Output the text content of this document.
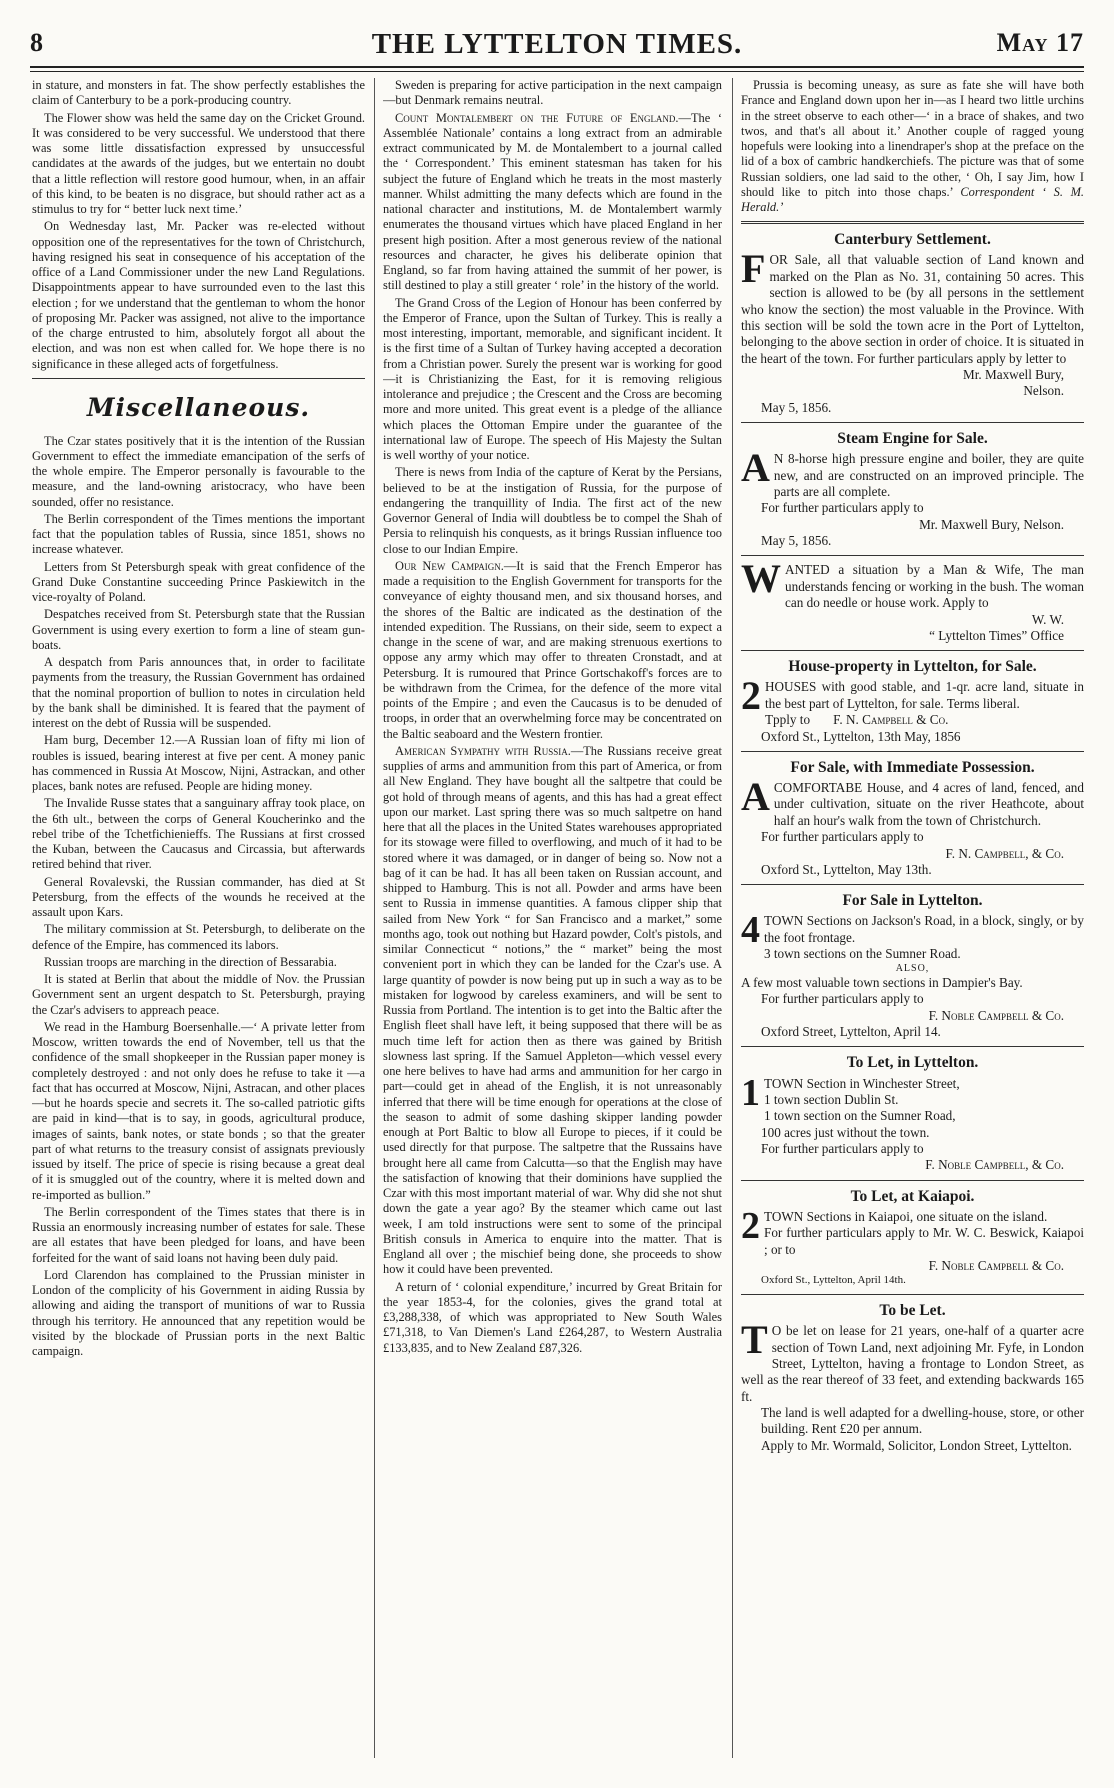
8	THE LYTTELTON TIMES.	May 17

in stature, and monsters in fat. The show perfectly establishes the claim of Canterbury to be a pork-producing country.

The Flower show was held the same day on the Cricket Ground. It was considered to be very successful. We understood that there was some little dissatisfaction expressed by unsuccessful candidates at the awards of the judges, but we entertain no doubt that a little reflection will restore good humour, when, in an affair of this kind, to be beaten is no disgrace, but should rather act as a stimulus to try for “ better luck next time.’

On Wednesday last, Mr. Packer was re-elected without opposition one of the representatives for the town of Christchurch, having resigned his seat in consequence of his acceptation of the office of a Land Commissioner under the new Land Regulations. Disappointments appear to have surrounded even to the last this election ; for we understand that the gentleman to whom the honor of proposing Mr. Packer was assigned, not alive to the importance of the charge entrusted to him, absolutely forgot all about the election, and was non est when called for. We hope there is no significance in these alleged acts of forgetfulness.

Miscellaneous.

The Czar states positively that it is the intention of the Russian Government to effect the immediate emancipation of the serfs of the whole empire. The Emperor personally is favourable to the measure, and the land-owning aristocracy, who have been sounded, offer no resistance.

The Berlin correspondent of the Times mentions the important fact that the population tables of Russia, since 1851, shows no increase whatever.

Letters from St Petersburgh speak with great confidence of the Grand Duke Constantine succeeding Prince Paskiewitch in the vice-royalty of Poland.

Despatches received from St. Petersburgh state that the Russian Government is using every exertion to form a line of steam gun-boats.

A despatch from Paris announces that, in order to facilitate payments from the treasury, the Russian Government has ordained that the nominal proportion of bullion to notes in circulation held by the bank shall be diminished. It is feared that the payment of interest on the debt of Russia will be suspended.

Ham burg, December 12.—A Russian loan of fifty mi lion of roubles is issued, bearing interest at five per cent. A money panic has commenced in Russia At Moscow, Nijni, Astrackan, and other places, bank notes are refused. People are hiding money.

The Invalide Russe states that a sanguinary affray took place, on the 6th ult., between the corps of General Koucherinko and the rebel tribe of the Tchetfichienieffs. The Russians at first crossed the Kuban, between the Caucasus and Circassia, but afterwards retired behind that river.

General Rovalevski, the Russian commander, has died at St Petersburg, from the effects of the wounds he received at the assault upon Kars.

The military commission at St. Petersburgh, to deliberate on the defence of the Empire, has commenced its labors.

Russian troops are marching in the direction of Bessarabia.

It is stated at Berlin that about the middle of Nov. the Prussian Government sent an urgent despatch to St. Petersburgh, praying the Czar's advisers to appreach peace.

We read in the Hamburg Boersenhalle.—‘ A private letter from Moscow, written towards the end of November, tell us that the confidence of the small shopkeeper in the Russian paper money is completely destroyed : and not only does he refuse to take it —a fact that has occurred at Moscow, Nijni, Astracan, and other places—but he hoards specie and secrets it. The so-called patriotic gifts are paid in kind—that is to say, in goods, agricultural produce, images of saints, bank notes, or state bonds ; so that the greater part of what returns to the treasury consist of assignats previously issued by itself. The price of specie is rising because a great deal of it is smuggled out of the country, where it is melted down and re-imported as bullion.”

The Berlin correspondent of the Times states that there is in Russia an enormously increasing number of estates for sale. These are all estates that have been pledged for loans, and have been forfeited for the want of said loans not having been duly paid.

Lord Clarendon has complained to the Prussian minister in London of the complicity of his Government in aiding Russia by allowing and aiding the transport of munitions of war to Russia through his territory. He announced that any repetition would be visited by the blockade of Prussian ports in the next Baltic campaign.

Sweden is preparing for active participation in the next campaign—but Denmark remains neutral.

Count Montalembert on the Future of England.—The ‘ Assemblée Nationale’ contains a long extract from an admirable extract communicated by M. de Montalembert to a journal called the ‘ Correspondent.’ This eminent statesman has taken for his subject the future of England which he treats in the most masterly manner. Whilst admitting the many defects which are found in the national character and institutions, M. de Montalembert warmly enumerates the thousand virtues which have placed England in her present high position. After a most generous review of the national resources and character, he gives his deliberate opinion that England, so far from having attained the summit of her power, is still destined to play a still greater ‘ role’ in the history of the world.

The Grand Cross of the Legion of Honour has been conferred by the Emperor of France, upon the Sultan of Turkey. This is really a most interesting, important, memorable, and significant incident. It is the first time of a Sultan of Turkey having accepted a decoration from a Christian power. Surely the present war is working for good—it is Christianizing the East, for it is removing religious intolerance and prejudice ; the Crescent and the Cross are becoming more and more united. This great event is a pledge of the alliance which places the Ottoman Empire under the guarantee of the international law of Europe. The speech of His Majesty the Sultan is well worthy of your notice.

There is news from India of the capture of Kerat by the Persians, believed to be at the instigation of Russia, for the purpose of endangering the tranquillity of India. The first act of the new Governor General of India will doubtless be to compel the Shah of Persia to relinquish his conquests, as it brings Russian influence too close to our Indian Empire.

Our New Campaign.—It is said that the French Emperor has made a requisition to the English Government for transports for the conveyance of eighty thousand men, and six thousand horses, and the shores of the Baltic are indicated as the destination of the intended expedition. The Russians, on their side, seem to expect a change in the scene of war, and are making strenuous exertions to oppose any army which may offer to threaten Cronstadt, and at Petersburg. It is rumoured that Prince Gortschakoff's forces are to be withdrawn from the Crimea, for the defence of the more vital points of the Empire ; and even the Caucasus is to be denuded of troops, in order that an overwhelming force may be concentrated on the Baltic seaboard and the Western frontier.

American Sympathy with Russia.—The Russians receive great supplies of arms and ammunition from this part of America, or from all New England. They have bought all the saltpetre that could be got hold of through means of agents, and this has had a great effect upon our market. Last spring there was so much saltpetre on hand here that all the places in the United States warehouses appropriated for its stowage were filled to overflowing, and much of it had to be stored where it was damaged, or in danger of being so. Now not a bag of it can be had. It has all been taken on Russian account, and shipped to Hamburg. This is not all. Powder and arms have been sent to Russia in immense quantities. A famous clipper ship that sailed from New York “ for San Francisco and a market,” some months ago, took out nothing but Hazard powder, Colt's pistols, and similar Connecticut “ notions,” the “ market” being the most convenient port in which they can be landed for the Czar's use. A large quantity of powder is now being put up in such a way as to be mistaken for logwood by careless examiners, and will be sent to Russia from Portland. The intention is to get into the Baltic after the English fleet shall have left, it being supposed that there will be as much time left for action then as there was gained by British slowness last spring. If the Samuel Appleton—which vessel every one here belives to have had arms and ammunition for her cargo in part—could get in ahead of the English, it is not unreasonably inferred that there will be time enough for operations at the close of the season to admit of some dashing skipper landing powder enough at Port Baltic to blow all Europe to pieces, if it could be used directly for that purpose. The saltpetre that the Russains have brought here all came from Calcutta—so that the English may have the satisfaction of knowing that their dominions have supplied the Czar with this most important material of war. Why did she not shut down the gate a year ago? By the steamer which came out last week, I am told instructions were sent to some of the principal British consuls in America to enquire into the matter. That is England all over ; the mischief being done, she proceeds to show how it could have been prevented.

A return of ‘ colonial expenditure,’ incurred by Great Britain for the year 1853-4, for the colonies, gives the grand total at £3,288,338, of which was appropriated to New South Wales £71,318, to Van Diemen's Land £264,287, to Western Australia £133,835, and to New Zealand £87,326.

Prussia is becoming uneasy, as sure as fate she will have both France and England down upon her in—as I heard two little urchins in the street observe to each other—‘ in a brace of shakes, and two twos, and that's all about it.’ Another couple of ragged young hopefuls were looking into a linendraper's shop at the preface on the lid of a box of cambric handkerchiefs. The picture was that of some Russian soldiers, one lad said to the other, ‘ Oh, I say Jim, how I should like to pitch into those chaps.’ Correspondent ‘ S. M. Herald.’

Canterbury Settlement.
FOR Sale, all that valuable section of Land known and marked on the Plan as No. 31, containing 50 acres. This section is allowed to be (by all persons in the settlement who know the section) the most valuable in the Province. With this section will be sold the town acre in the Port of Lyttelton, belonging to the above section in order of choice. It is situated in the heart of the town. For further particulars apply by letter to
Mr. Maxwell Bury,
Nelson.
May 5, 1856.
Steam Engine for Sale.
A N 8-horse high pressure engine and boiler, they are quite new, and are constructed on an improved principle. The parts are all complete.
For further particulars apply to
Mr. Maxwell Bury, Nelson.
May 5, 1856.
WANTED a situation by a Man & Wife, The man understands fencing or working in the bush. The woman can do needle or house work. Apply to
W. W.
“ Lyttelton Times” Office
House-property in Lyttelton, for Sale.
2 HOUSES with good stable, and 1-qr. acre land, situate in the best part of Lyttelton, for sale. Terms liberal.
Tpply to F. N. Campbell & Co.
Oxford St., Lyttelton, 13th May, 1856
For Sale, with Immediate Possession.
ACOMFORTABE House, and 4 acres of land, fenced, and under cultivation, situate on the river Heathcote, about half an hour's walk from the town of Christchurch.
For further particulars apply to
F. N. Campbell, & Co.
Oxford St., Lyttelton, May 13th.
For Sale in Lyttelton.
4 TOWN Sections on Jackson's Road, in a block, singly, or by the foot frontage.
3 town sections on the Sumner Road.
ALSO,
A few most valuable town sections in Dampier's Bay.
For further particulars apply to
F. Noble Campbell & Co.
Oxford Street, Lyttelton, April 14.
To Let, in Lyttelton.
1 TOWN Section in Winchester Street,
1 town section Dublin St.
1 town section on the Sumner Road,
100 acres just without the town.
For further particulars apply to
F. Noble Campbell, & Co.
To Let, at Kaiapoi.
2 TOWN Sections in Kaiapoi, one situate on the island.
For further particulars apply to Mr. W. C. Beswick, Kaiapoi ; or to
F. Noble Campbell & Co.
Oxford St., Lyttelton, April 14th.
To be Let.
T O be let on lease for 21 years, one-half of a quarter acre section of Town Land, next adjoining Mr. Fyfe, in London Street, Lyttelton, having a frontage to London Street, as well as the rear thereof of 33 feet, and extending backwards 165 ft.
The land is well adapted for a dwelling-house, store, or other building. Rent £20 per annum.
Apply to Mr. Wormald, Solicitor, London Street, Lyttelton.
